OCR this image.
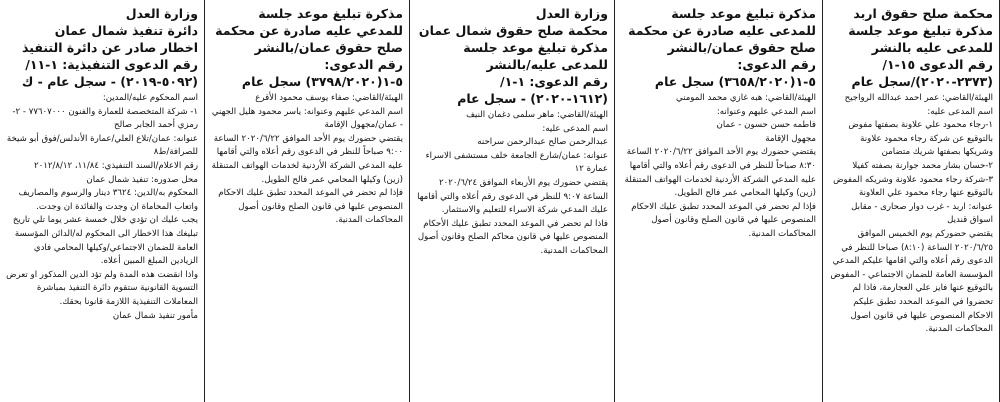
محكمة صلح حقوق اربد
مذكرة تبليغ موعد جلسة
للمدعى عليه بالنشر
رقم الدعوى ١٥-١/
(٢٣٧٣-٢٠٢٠)/سجل عام
الهيئة/القاضي: عمر احمد عبدالله الرواجيح
اسم المدعى عليه:
١-رجاء محمود علي علاونة بصفتها مفوض بالتوقيع عن شركة رجاء محمود علاونة وشريكها بصفتها شريك متضامن
٢-حسان بشار محمد جوارنة بصفته كفيلا
٣-شركة رجاء محمود علاونة وشريكه المفوض بالتوقيع عنها رجاء محمود علي العلاونة
عنوانه: اربد - غرب دوار صحارى - مقابل اسواق قنديل
يقتضي حضوركم يوم الخميس الموافق ٢٠٢٠/٦/٢٥ الساعة (٨:١٠) صباحا للنظر في الدعوى رقم أعلاه والتي اقامها عليكم المدعي المؤسسة العامة للضمان الاجتماعي - المفوض بالتوقيع عنها فايز علي العجارمة، فاذا لم تحضروا في الموعد المحدد تطبق عليكم الاحكام المنصوص عليها في قانون اصول المحاكمات المدنية.
مذكرة تبليغ موعد جلسة
للمدعى عليه صادرة عن محكمة
صلح حقوق عمان/بالنشر
رقم الدعوى:
٥-١(٣٦٥٨/٢٠٢٠) سجل عام
الهيئة/القاضي: هبه غازي محمد المومني
اسم المدعي عليهم وعنوانه:
فاطمه حسن حسون - عمان
مجهول الإقامة
يقتضي حضورك يوم الأحد الموافق ٢٠٢٠/٦/٢٢ الساعة ٨:٣٠ صباحاً للنظر في الدعوى رقم أعلاه والتي أقامها عليه المدعي الشركة الأردنية لخدمات الهواتف المتنقلة (زين) وكيلها المحامي عمر فالح الطويل.
فإذا لم تحضر في الموعد المحدد تطبق عليك الاحكام المنصوص عليها في قانون الصلح وقانون أصول المحاكمات المدنية.
وزارة العدل
محكمة صلح حقوق شمال عمان
مذكرة تبليغ موعد جلسة
للمدعى عليه/بالنشر
رقم الدعوى: ١-١/
(١٦١٢-٢٠٢٠) - سجل عام
الهيئة/القاضي: ماهر سلمى دغمان النيف
اسم المدعى عليه:
عبدالرحمن صالح عبدالرحمن سراحنه
عنوانه: عمان/شارع الجامعة خلف مستشفى الاسراء عمارة ١٢
يقتضي حضورك يوم الأربعاء الموافق ٢٠٢٠/٦/٢٤ الساعة ٩:٠٧ للنظر في الدعوى رقم أعلاه والتي أقامها عليك المدعي شركة الاسراء للتعليم والاستثمار.
فاذا لم تحضر في الموعد المحدد تطبق عليك الأحكام المنصوص عليها في قانون محاكم الصلح وقانون أصول المحاكمات المدنية.
مذكرة تبليغ موعد جلسة
للمدعي عليه صادرة عن محكمة
صلح حقوق عمان/بالنشر
رقم الدعوى:
٥-١(٣٧٩٨/٢٠٢٠) سجل عام
الهيئة/القاضي: صفاء يوسف محمود الأقرع
اسم المدعي عليهم وعنوانه: ياسر محمود هليل الجهني - عمان/مجهول الإقامة
يقتضي حضورك يوم الأحد الموافق ٢٠٢٠/٦/٢٢ الساعة ٩:٠٠ صباحاً للنظر في الدعوى رقم أعلاه والتي أقامها عليه المدعي الشركة الأردنية لخدمات الهواتف المتنقلة (زين) وكيلها المحامي عمر فالح الطويل.
فإذا لم تحضر في الموعد المحدد تطبق عليك الاحكام المنصوص عليها في قانون الصلح وقانون أصول المحاكمات المدنية.
وزارة العدل
دائرة تنفيذ شمال عمان
اخطار صادر عن دائرة التنفيذ
رقم الدعوى التنفيذية: ١-١١/
(٥٠٩٢-٢٠١٩) - سجل عام - ك
اسم المحكوم عليه/المدين:
١- شركة المتخصصة للعمارة والفنون ٧٧٦٠٧٠٠٠ - ٢- رمزي أحمد الجابر صالح
عنوانه: عمان/تلاع العلي/عمارة الأندلس/فوق أبو شيخة للصرافة/ط٨
رقم الاعلام/السند التنفيذي: ١١/٨٤، ٢٠١٢/٨/١٢
محل صدوره: تنفيذ شمال عمان
المحكوم به/الدين: ٣٦٢٤ دينار والرسوم والمصاريف واتعاب المحاماة ان وجدت والفائدة ان وجدت.
يجب عليك ان تؤدي خلال خمسة عشر يوما تلي تاريخ تبليغك هذا الاخطار الى المحكوم له/الدائن المؤسسة العامة للضمان الاجتماعي/وكيلها المحامي فادي الزيادين المبلغ المبين أعلاه.
واذا انقضت هذه المدة ولم تؤد الدين المذكور او تعرض التسوية القانونية ستقوم دائرة التنفيذ بمباشرة المعاملات التنفيذية اللازمة قانونا بحقك.
مأمور تنفيذ شمال عمان
